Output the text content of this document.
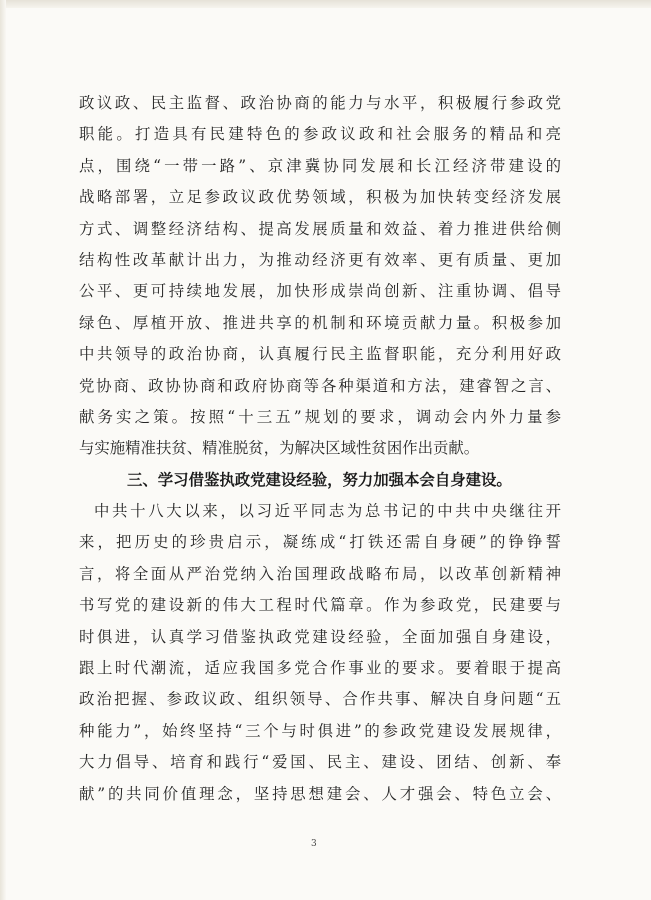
政议政、民主监督、政治协商的能力与水平，积极履行参政党
职能。打造具有民建特色的参政议政和社会服务的精品和亮
点，围绕“一带一路”、京津冀协同发展和长江经济带建设的
战略部署，立足参政议政优势领域，积极为加快转变经济发展
方式、调整经济结构、提高发展质量和效益、着力推进供给侧
结构性改革献计出力，为推动经济更有效率、更有质量、更加
公平、更可持续地发展，加快形成崇尚创新、注重协调、倡导
绿色、厚植开放、推进共享的机制和环境贡献力量。积极参加
中共领导的政治协商，认真履行民主监督职能，充分利用好政
党协商、政协协商和政府协商等各种渠道和方法，建睿智之言、
献务实之策。按照“十三五”规划的要求，调动会内外力量参
与实施精准扶贫、精准脱贫，为解决区域性贫困作出贡献。
三、学习借鉴执政党建设经验，努力加强本会自身建设。
中共十八大以来，以习近平同志为总书记的中共中央继往开
来，把历史的珍贵启示，凝练成“打铁还需自身硬”的铮铮誓
言，将全面从严治党纳入治国理政战略布局，以改革创新精神
书写党的建设新的伟大工程时代篇章。作为参政党，民建要与
时俱进，认真学习借鉴执政党建设经验，全面加强自身建设，
跟上时代潮流，适应我国多党合作事业的要求。要着眼于提高
政治把握、参政议政、组织领导、合作共事、解决自身问题“五
种能力”，始终坚持“三个与时俱进”的参政党建设发展规律，
大力倡导、培育和践行“爱国、民主、建设、团结、创新、奉
献”的共同价值理念，坚持思想建会、人才强会、特色立会、
3
